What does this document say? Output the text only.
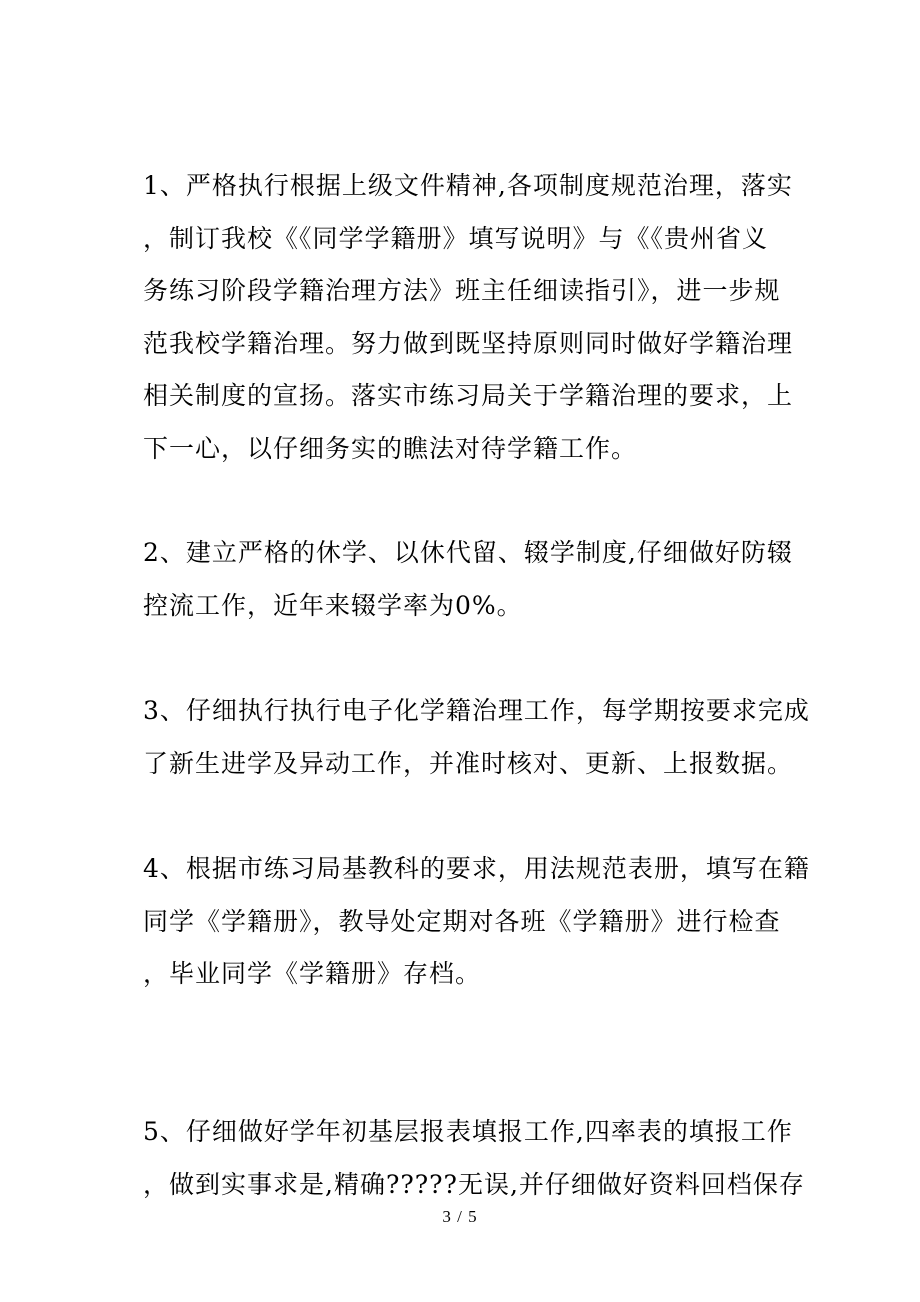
1、严格执行根据上级文件精神,各项制度规范治理，落实
，制订我校《《同学学籍册》填写说明》与《《贵州省义
务练习阶段学籍治理方法》班主任细读指引》，进一步规
范我校学籍治理。努力做到既坚持原则同时做好学籍治理
相关制度的宣扬。落实市练习局关于学籍治理的要求，上
下一心，以仔细务实的瞧法对待学籍工作。

2、建立严格的休学、以休代留、辍学制度,仔细做好防辍
控流工作，近年来辍学率为0%。

3、仔细执行执行电子化学籍治理工作，每学期按要求完成
了新生进学及异动工作，并准时核对、更新、上报数据。

4、根据市练习局基教科的要求，用法规范表册，填写在籍
同学《学籍册》，教导处定期对各班《学籍册》进行检查
，毕业同学《学籍册》存档。

5、仔细做好学年初基层报表填报工作,四率表的填报工作
，做到实事求是,精确?????无误,并仔细做好资料回档保存

3 / 5
